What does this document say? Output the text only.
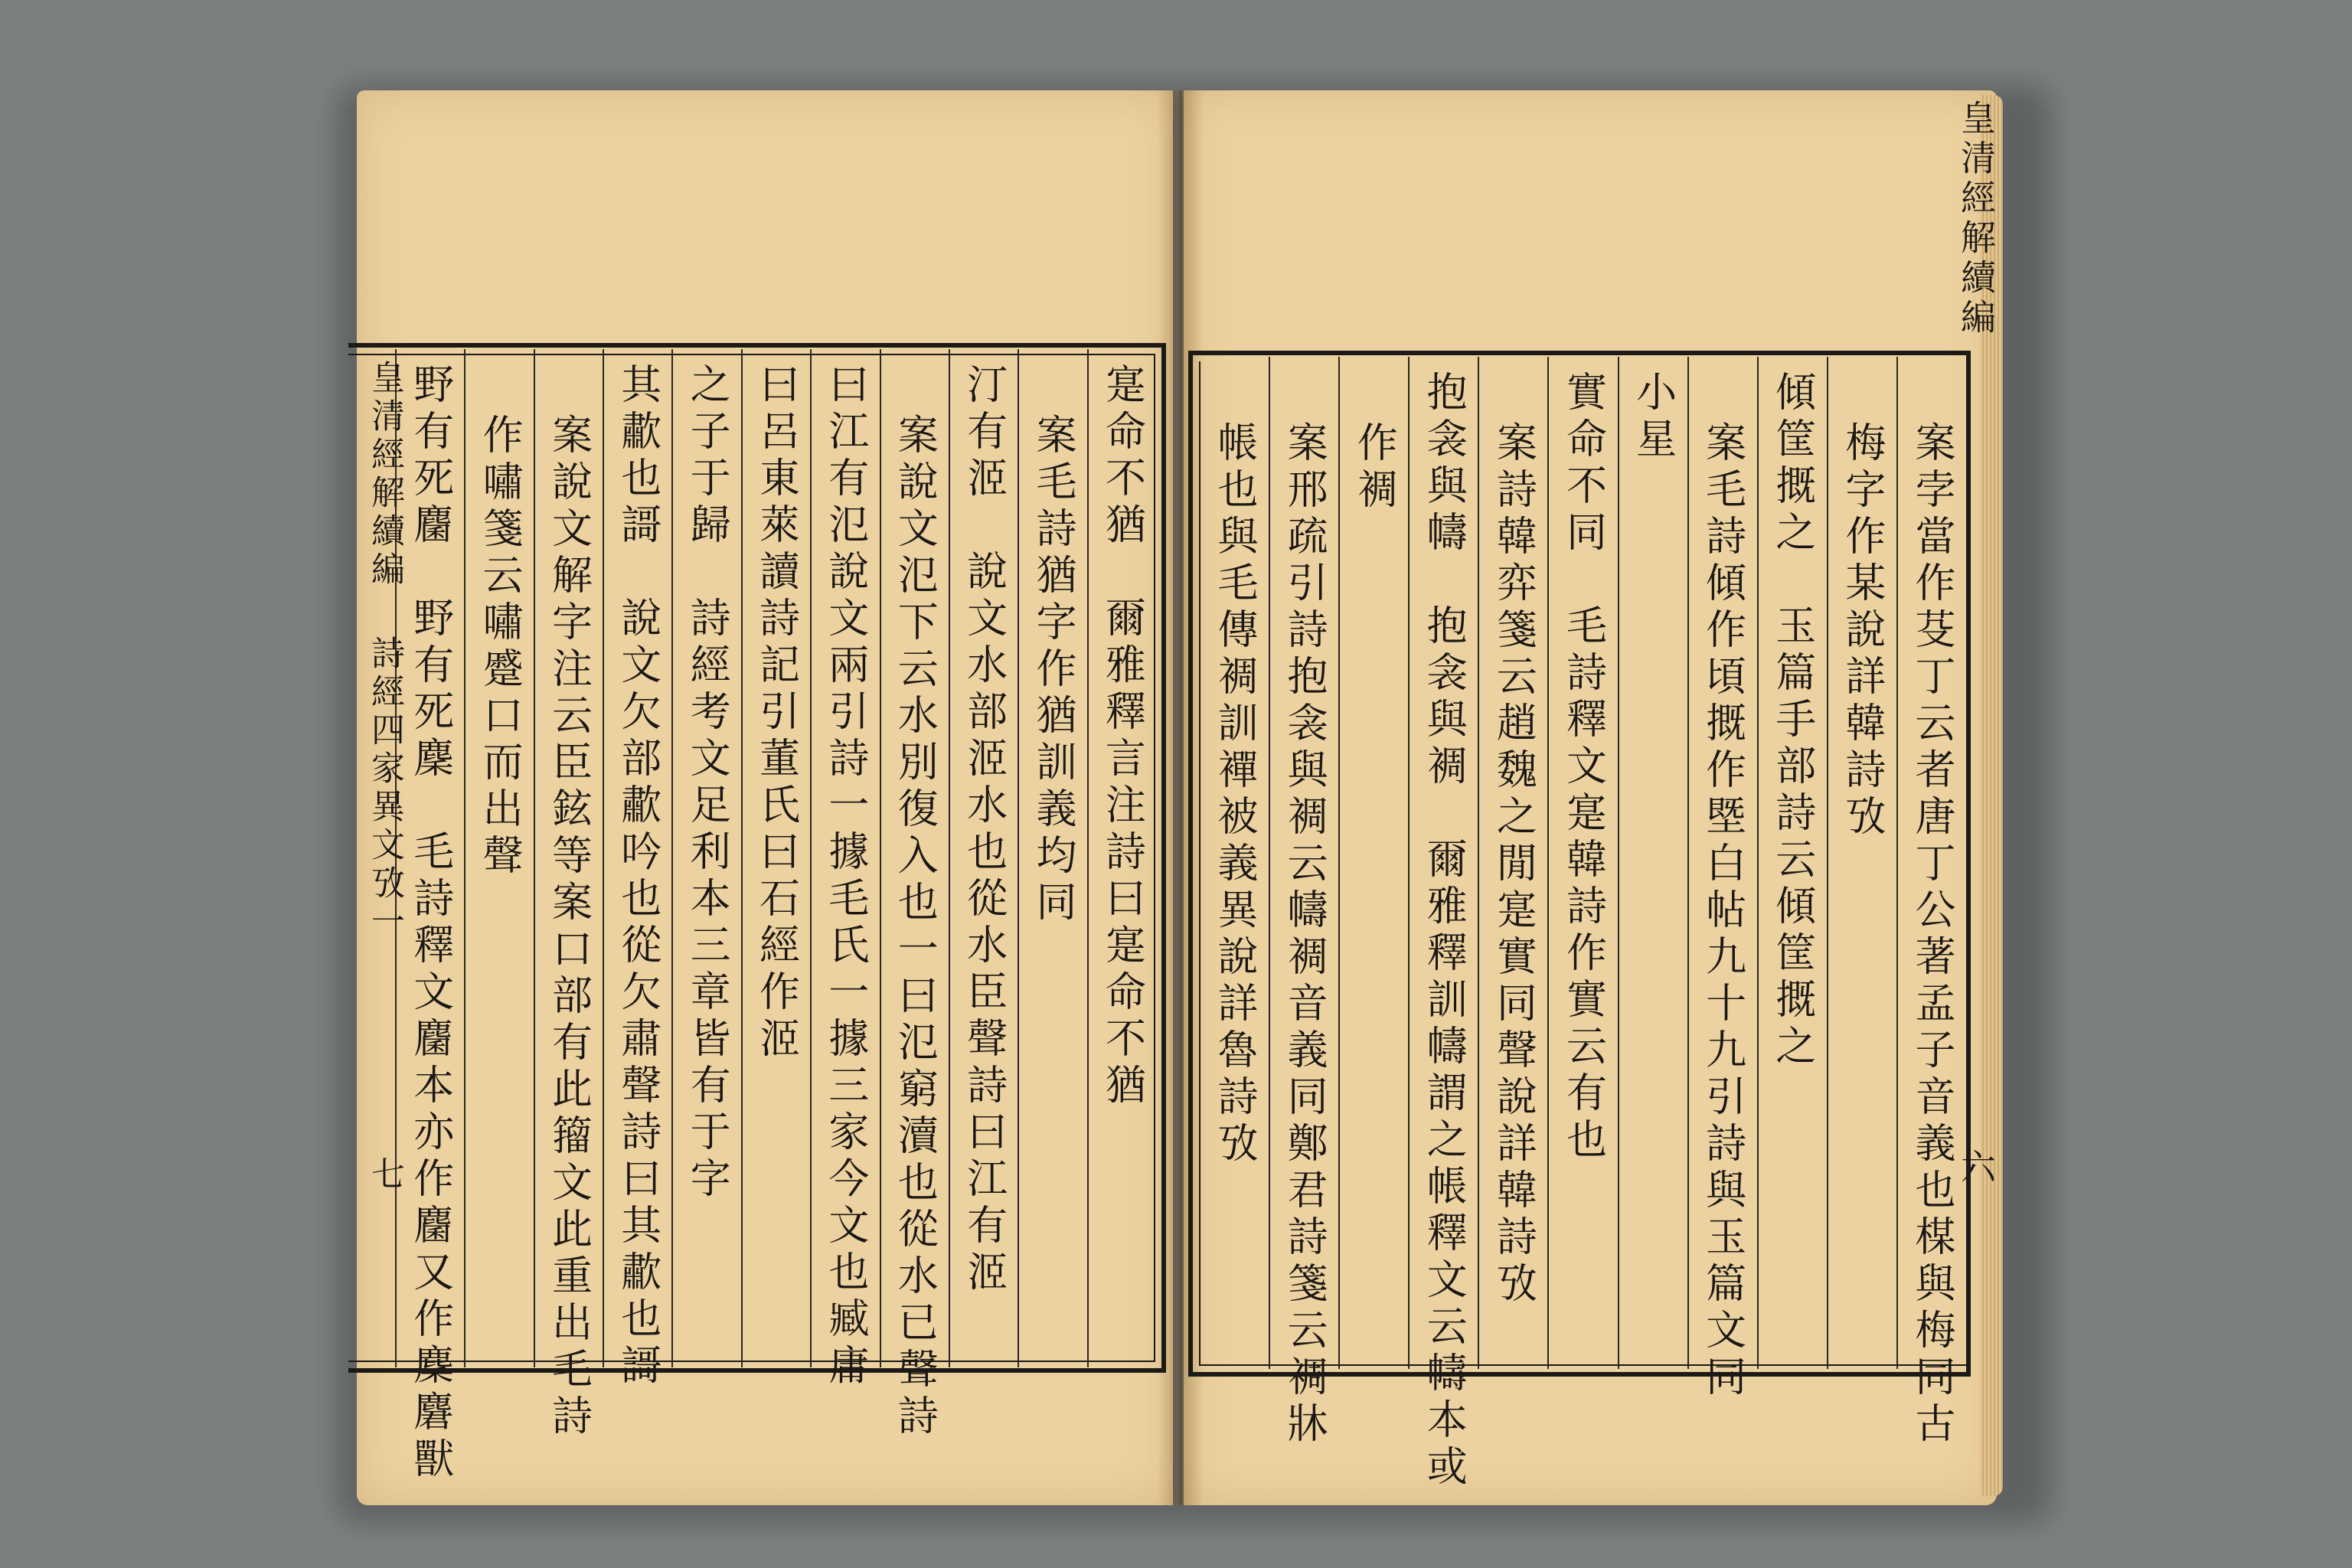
寔命不猶　爾雅釋言注詩曰寔命不猶
案毛詩猶字作猶訓義均同
汀有洍　說文水部洍水也從水臣聲詩曰江有洍
案說文氾下云水別復入也一曰氾窮瀆也從水已聲詩
曰江有氾說文兩引詩一據毛氏一據三家今文也臧庸
曰呂東萊讀詩記引董氏曰石經作洍
之子于歸　詩經考文足利本三章皆有于字
其歗也謌　說文欠部歗吟也從欠肅聲詩曰其歗也謌
案說文解字注云臣鉉等案口部有此籀文此重出毛詩
作嘯箋云嘯蹙口而出聲
野有死麕　野有死麇　毛詩釋文麕本亦作麕又作麇麏獸
皇清經解續編
詩經四家異文攷一
七	案孛當作芟丁云者唐丁公著孟子音義也楳與梅同古
梅字作某說詳韓詩攷
傾筐摡之　玉篇手部詩云傾筐摡之
案毛詩傾作頃摡作塈白帖九十九引詩與玉篇文同
小星
實命不同　毛詩釋文寔韓詩作實云有也
案詩韓弈箋云趙魏之閒寔實同聲說詳韓詩攷
抱衾與幬　抱衾與裯　爾雅釋訓幬謂之帳釋文云幬本或
作裯
案邢疏引詩抱衾與裯云幬裯音義同鄭君詩箋云裯牀
帳也與毛傳裯訓襌被義異說詳魯詩攷
皇清經解續編
六
